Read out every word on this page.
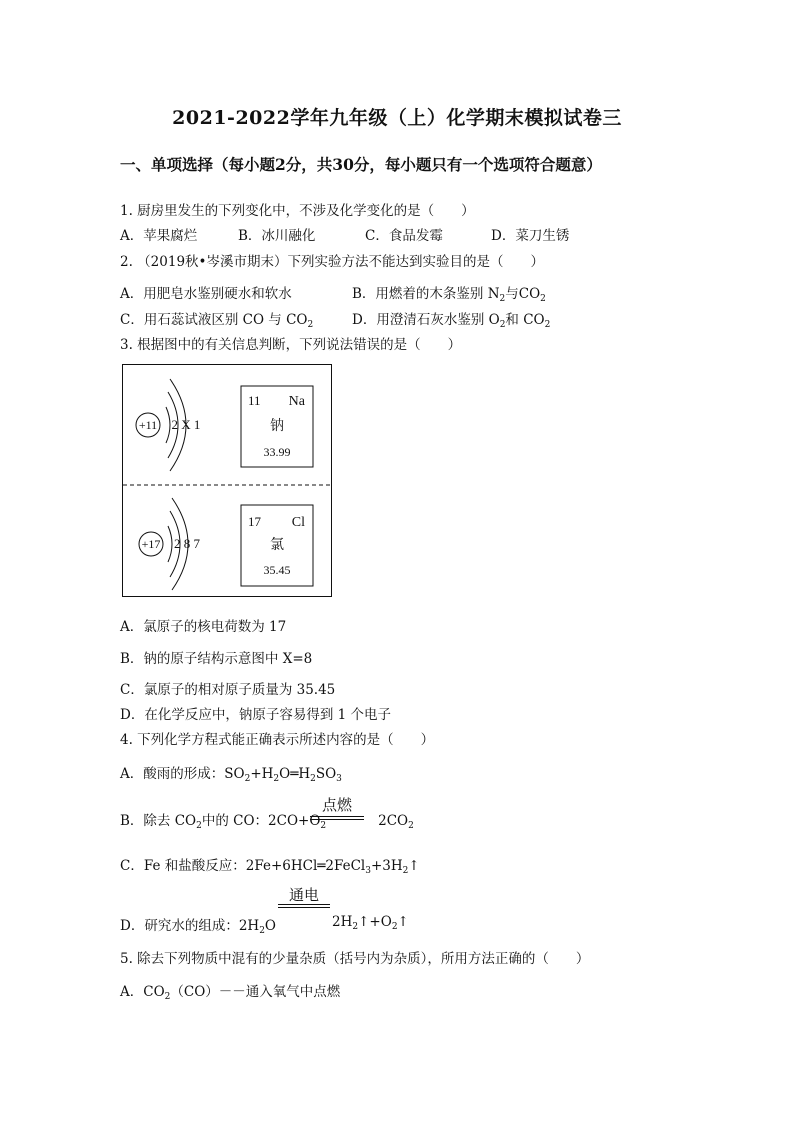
2021-2022学年九年级（上）化学期末模拟试卷三
一、单项选择（每小题2分，共30分，每小题只有一个选项符合题意）
1. 厨房里发生的下列变化中，不涉及化学变化的是（　　）
A．苹果腐烂	B．冰川融化	C．食品发霉	D．菜刀生锈
2. （2019秋•岑溪市期末）下列实验方法不能达到实验目的是（　　）
A．用肥皂水鉴别硬水和软水	B．用燃着的木条鉴别 $N_2$与$CO_2$
C．用石蕊试液区别 CO 与 $CO_2$	D．用澄清石灰水鉴别 $O_2$和 $CO_2$
3. 根据图中的有关信息判断，下列说法错误的是（　　）
+11 2 X 1
11 Na
钠
33.99
+17 2 8 7
17 Cl
氯
35.45
A．氯原子的核电荷数为 17
B．钠的原子结构示意图中 X=8
C．氯原子的相对原子质量为 35.45
D．在化学反应中，钠原子容易得到 1 个电子
4. 下列化学方程式能正确表示所述内容的是（　　）
A．酸雨的形成：$SO_2+H_2O═H_2SO_3$
B．除去 $CO_2$中的 CO：$2CO+O_2$	$2CO_2$
点燃
C．Fe 和盐酸反应：$2Fe+6HCl═2FeCl_3+3H_2↑$
通电
D．研究水的组成：$2H_2O$	$2H_2↑+O_2↑$
5. 除去下列物质中混有的少量杂质（括号内为杂质），所用方法正确的（　　）
A．$CO_2(CO)--$通入氧气中点燃
